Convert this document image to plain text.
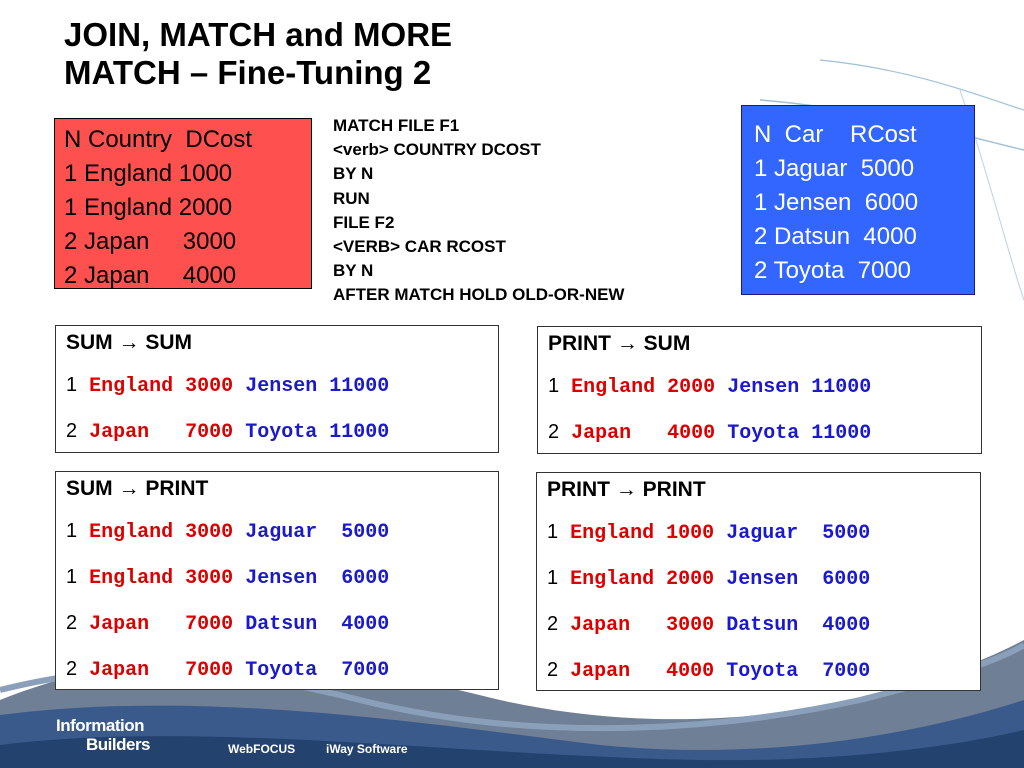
JOIN, MATCH and MORE
MATCH – Fine-Tuning 2
N Country  DCost
1 England 1000
1 England 2000
2 Japan     3000
2 Japan     4000
MATCH FILE F1
<verb> COUNTRY DCOST
BY N
RUN
FILE F2
<VERB> CAR RCOST
BY N
AFTER MATCH HOLD OLD-OR-NEW
N  Car    RCost
1 Jaguar  5000
1 Jensen  6000
2 Datsun  4000
2 Toyota  7000
SUM → SUM
1 England 3000 Jensen 11000
2 Japan   7000 Toyota 11000
PRINT → SUM
1 England 2000 Jensen 11000
2 Japan   4000 Toyota 11000
SUM → PRINT
1 England 3000 Jaguar  5000
1 England 3000 Jensen  6000
2 Japan   7000 Datsun  4000
2 Japan   7000 Toyota  7000
PRINT → PRINT
1 England 1000 Jaguar  5000
1 England 2000 Jensen  6000
2 Japan   3000 Datsun  4000
2 Japan   4000 Toyota  7000
Information
Builders	WebFOCUS	iWay Software
